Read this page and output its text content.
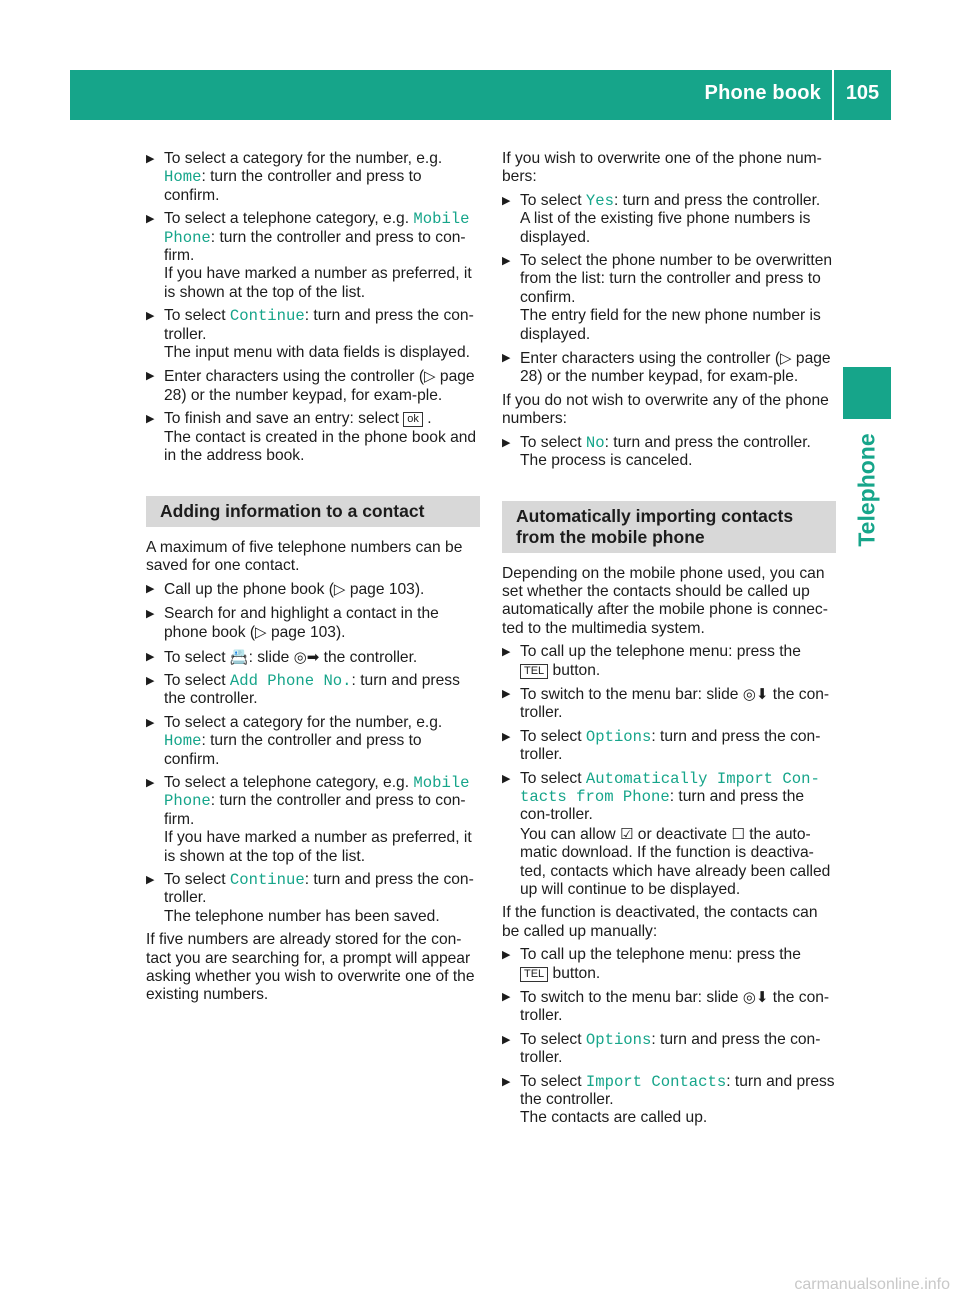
Phone book	105
Telephone
▶ To select a category for the number, e.g.
Home: turn the controller and press to confirm.
▶ To select a telephone category, e.g. Mobile Phone: turn the controller and press to con-firm.
If you have marked a number as preferred, it is shown at the top of the list.
▶ To select Continue: turn and press the con-troller.
The input menu with data fields is displayed.
▶ Enter characters using the controller (▷ page 28) or the number keypad, for exam-ple.
▶ To finish and save an entry: select ok .
The contact is created in the phone book and in the address book.
Adding information to a contact
A maximum of five telephone numbers can be saved for one contact.
▶ Call up the phone book (▷ page 103).
▶ Search for and highlight a contact in the phone book (▷ page 103).
▶ To select 📇: slide ◎➡ the controller.
▶ To select Add Phone No.: turn and press the controller.
▶ To select a category for the number, e.g.
Home: turn the controller and press to confirm.
▶ To select a telephone category, e.g. Mobile Phone: turn the controller and press to con-firm.
If you have marked a number as preferred, it is shown at the top of the list.
▶ To select Continue: turn and press the con-troller.
The telephone number has been saved.
If five numbers are already stored for the con-tact you are searching for, a prompt will appear asking whether you wish to overwrite one of the existing numbers.
If you wish to overwrite one of the phone num-bers:
▶ To select Yes: turn and press the controller.
A list of the existing five phone numbers is displayed.
▶ To select the phone number to be overwritten from the list: turn the controller and press to confirm.
The entry field for the new phone number is displayed.
▶ Enter characters using the controller (▷ page 28) or the number keypad, for exam-ple.
If you do not wish to overwrite any of the phone numbers:
▶ To select No: turn and press the controller.
The process is canceled.
Automatically importing contacts from the mobile phone
Depending on the mobile phone used, you can set whether the contacts should be called up automatically after the mobile phone is connec-ted to the multimedia system.
▶ To call up the telephone menu: press the
TEL button.
▶ To switch to the menu bar: slide ◎⬇ the con-troller.
▶ To select Options: turn and press the con-troller.
▶ To select Automatically Import Con‐tacts from Phone: turn and press the con-troller.
You can allow ☑ or deactivate ☐ the auto-matic download. If the function is deactiva-ted, contacts which have already been called up will continue to be displayed.
If the function is deactivated, the contacts can be called up manually:
▶ To call up the telephone menu: press the
TEL button.
▶ To switch to the menu bar: slide ◎⬇ the con-troller.
▶ To select Options: turn and press the con-troller.
▶ To select Import Contacts: turn and press the controller.
The contacts are called up.
carmanualsonline.info
